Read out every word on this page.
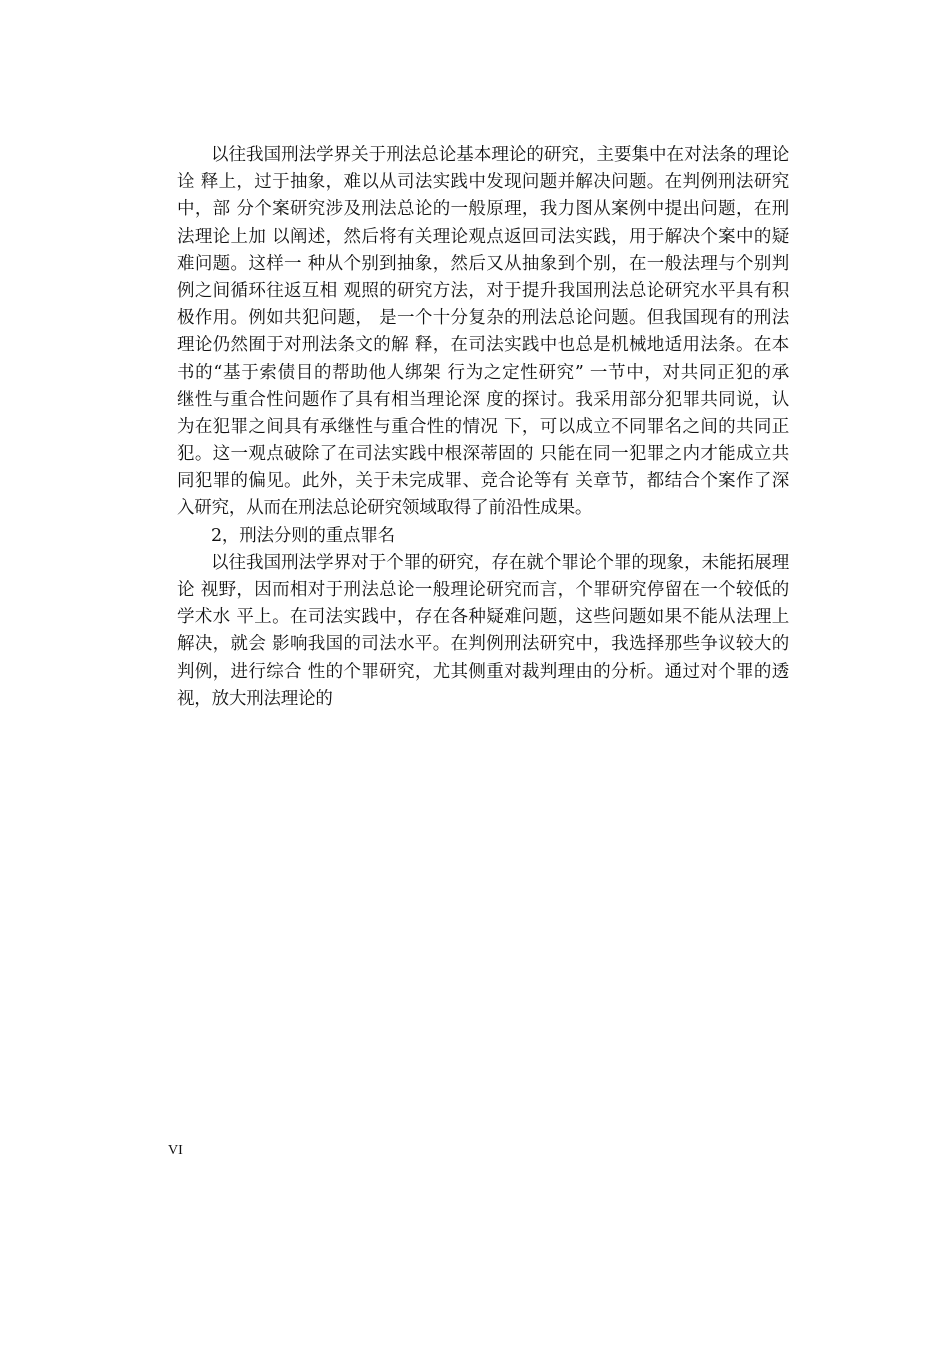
以往我国刑法学界关于刑法总论基本理论的研究，主要集中在对法条的理论
诠 释上，过于抽象，难以从司法实践中发现问题并解决问题。在判例刑法研究
中，部 分个案研究涉及刑法总论的一般原理，我力图从案例中提出问题，在刑
法理论上加 以阐述，然后将有关理论观点返回司法实践，用于解决个案中的疑
难问题。这样一 种从个别到抽象，然后又从抽象到个别，在一般法理与个别判
例之间循环往返互相 观照的研究方法，对于提升我国刑法总论研究水平具有积
极作用。例如共犯问题， 是一个十分复杂的刑法总论问题。但我国现有的刑法
理论仍然囿于对刑法条文的解 释，在司法实践中也总是机械地适用法条。在本
书的“基于索债目的帮助他人绑架 行为之定性研究” 一节中，对共同正犯的承
继性与重合性问题作了具有相当理论深 度的探讨。我采用部分犯罪共同说，认
为在犯罪之间具有承继性与重合性的情况 下，可以成立不同罪名之间的共同正
犯。这一观点破除了在司法实践中根深蒂固的 只能在同一犯罪之内才能成立共
同犯罪的偏见。此外，关于未完成罪、竞合论等有 关章节，都结合个案作了深
入研究，从而在刑法总论研究领域取得了前沿性成果。
2，刑法分则的重点罪名
以往我国刑法学界对于个罪的研究，存在就个罪论个罪的现象，未能拓展理
论 视野，因而相对于刑法总论一般理论研究而言，个罪研究停留在一个较低的
学术水 平上。在司法实践中，存在各种疑难问题，这些问题如果不能从法理上
解决，就会 影响我国的司法水平。在判例刑法研究中，我选择那些争议较大的
判例，进行综合 性的个罪研究，尤其侧重对裁判理由的分析。通过对个罪的透
视，放大刑法理论的
VI
